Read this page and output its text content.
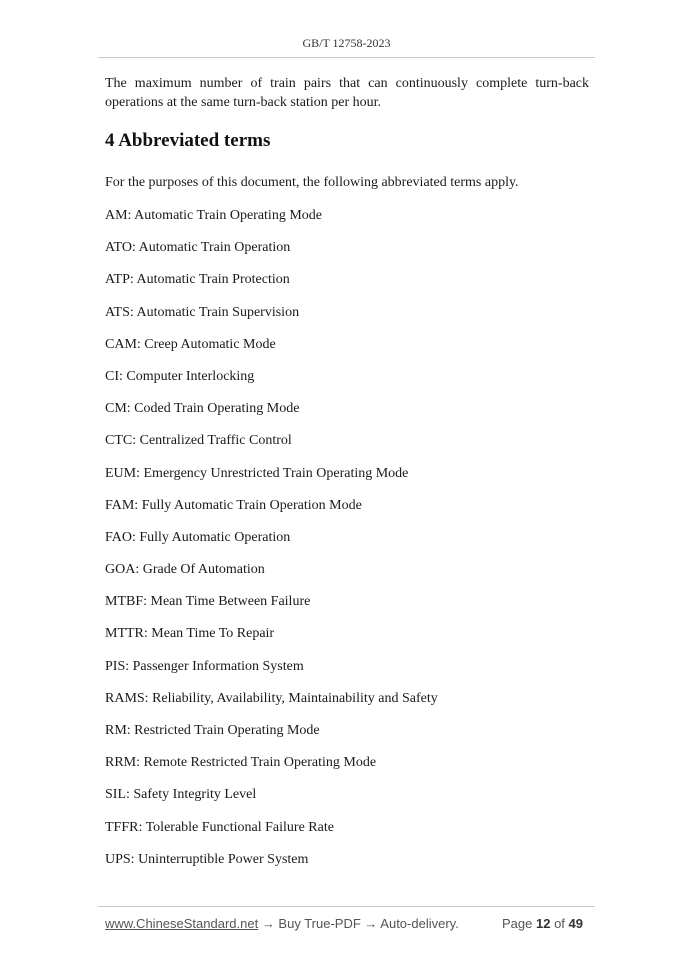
GB/T 12758-2023
The maximum number of train pairs that can continuously complete turn-back
operations at the same turn-back station per hour.
4 Abbreviated terms
For the purposes of this document, the following abbreviated terms apply.
AM: Automatic Train Operating Mode
ATO: Automatic Train Operation
ATP: Automatic Train Protection
ATS: Automatic Train Supervision
CAM: Creep Automatic Mode
CI: Computer Interlocking
CM: Coded Train Operating Mode
CTC: Centralized Traffic Control
EUM: Emergency Unrestricted Train Operating Mode
FAM: Fully Automatic Train Operation Mode
FAO: Fully Automatic Operation
GOA: Grade Of Automation
MTBF: Mean Time Between Failure
MTTR: Mean Time To Repair
PIS: Passenger Information System
RAMS: Reliability, Availability, Maintainability and Safety
RM: Restricted Train Operating Mode
RRM: Remote Restricted Train Operating Mode
SIL: Safety Integrity Level
TFFR: Tolerable Functional Failure Rate
UPS: Uninterruptible Power System
www.ChineseStandard.net → Buy True-PDF → Auto-delivery.	Page 12 of 49
